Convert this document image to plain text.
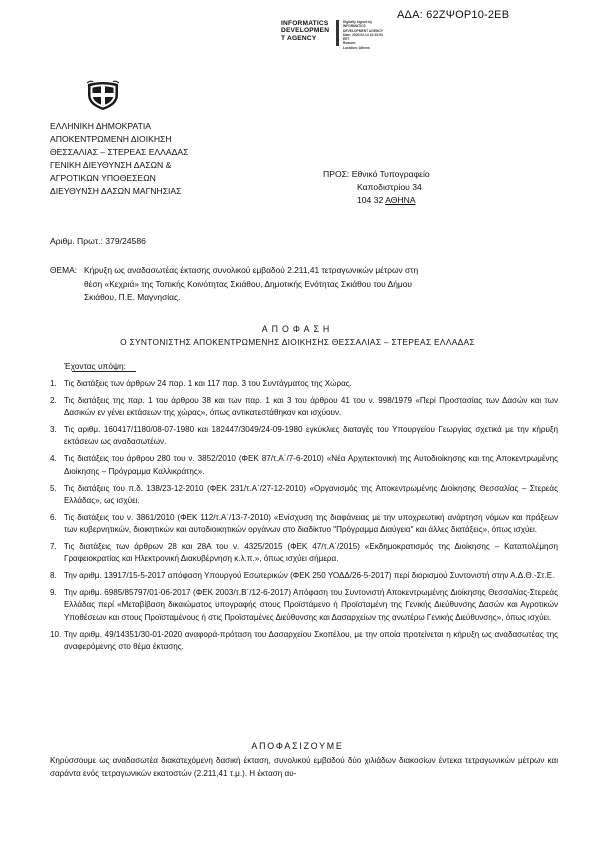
ΑΔΑ: 62ΖΨΟΡ10-2ΕΒ
INFORMATICS
DEVELOPMEN
T AGENCY
Digitally signed by
INFORMATICS
DEVELOPMENT AGENCY
Date: 2020.02.14 12:23:53
EET
Reason:
Location: Athens
ΕΛΛΗΝΙΚΗ ΔΗΜΟΚΡΑΤΙΑ
ΑΠΟΚΕΝΤΡΩΜΕΝΗ ΔΙΟΙΚΗΣΗ
ΘΕΣΣΑΛΙΑΣ – ΣΤΕΡΕΑΣ ΕΛΛΑΔΑΣ
ΓΕΝΙΚΗ ΔΙΕΥΘΥΝΣΗ ΔΑΣΩΝ &
ΑΓΡΟΤΙΚΩΝ ΥΠΟΘΕΣΕΩΝ
ΔΙΕΥΘΥΝΣΗ ΔΑΣΩΝ ΜΑΓΝΗΣΙΑΣ
ΠΡΟΣ: Εθνικό Τυπογραφείο
Καποδιστρίου 34
104 32 ΑΘΗΝΑ
Αριθμ. Πρωτ.: 379/24586
ΘΕΜΑ: Κήρυξη ως αναδασωτέας έκτασης συνολικού εμβαδού 2.211,41 τετραγωνικών μέτρων στη
θέση «Κεχριά» της Τοπικής Κοινότητας Σκιάθου, Δημοτικής Ενότητας Σκιάθου του Δήμου
Σκιάθου, Π.Ε. Μαγνησίας.
ΑΠΟΦΑΣΗ
Ο ΣΥΝΤΟΝΙΣΤΗΣ ΑΠΟΚΕΝΤΡΩΜΕΝΗΣ ΔΙΟΙΚΗΣΗΣ ΘΕΣΣΑΛΙΑΣ – ΣΤΕΡΕΑΣ ΕΛΛΑΔΑΣ
Έχοντας υπόψη:
1. Τις διατάξεις των άρθρων 24 παρ. 1 και 117 παρ. 3 του Συντάγματος της Χώρας.
2. Τις διατάξεις της παρ. 1 του άρθρου 38 και των παρ. 1 και 3 του άρθρου 41 του ν. 998/1979 «Περί Προστασίας των Δασών και των Δασικών εν γένει εκτάσεων της χώρας», όπως αντικατεστάθηκαν και ισχύουν.
3. Τις αριθμ. 160417/1180/08-07-1980 και 182447/3049/24-09-1980 εγκύκλιες διαταγές του Υπουργείου Γεωργίας σχετικά με την κήρυξη εκτάσεων ως αναδασωτέων.
4. Τις διατάξεις του άρθρου 280 του ν. 3852/2010 (ΦΕΚ 87/τ.Α΄/7-6-2010) «Νέα Αρχιτεκτονική της Αυτοδιοίκησης και της Αποκεντρωμένης Διοίκησης – Πρόγραμμα Καλλικράτης».
5. Τις διατάξεις του π.δ. 138/23-12-2010 (ΦΕΚ 231/τ.Α΄/27-12-2010) «Οργανισμός της Αποκεντρωμένης Διοίκησης Θεσσαλίας – Στερεάς Ελλάδας», ως ισχύει.
6. Τις διατάξεις του ν. 3861/2010 (ΦΕΚ 112/τ.Α΄/13-7-2010) «Ενίσχυση της διαφάνειας με την υποχρεωτική ανάρτηση νόμων και πράξεων των κυβερνητικών, διοικητικών και αυτοδιοικητικών οργάνων στο διαδίκτυο "Πρόγραμμα Διαύγεια" και άλλες διατάξεις», όπως ισχύει.
7. Τις διατάξεις των άρθρων 28 και 28Α του ν. 4325/2015 (ΦΕΚ 47/τ.Α΄/2015) «Εκδημοκρατισμός της Διοίκησης – Καταπολέμηση Γραφειοκρατίας και Ηλεκτρονική Διακυβέρνηση κ.λ.π.», όπως ισχύει σήμερα.
8. Την αριθμ. 13917/15-5-2017 απόφαση Υπουργού Εσωτερικών (ΦΕΚ 250 ΥΟΔΔ/26-5-2017) περί διορισμού Συντονιστή στην Α.Δ.Θ.-Στ.Ε.
9. Την αριθμ. 6985/85797/01-06-2017 (ΦΕΚ 2003/τ.Β΄/12-6-2017) Απόφαση του Συντονιστή Αποκεντρωμένης Διοίκησης Θεσσαλίας-Στερεάς Ελλάδας περί «Μεταβίβαση δικαιώματος υπογραφής στους Προϊστάμενο ή Προϊσταμένη της Γενικής Διεύθυνσης Δασών και Αγροτικών Υποθέσεων και στους Προϊσταμένους ή στις Προϊσταμένες Διεύθυνσης και Δασαρχείων της ανωτέρω Γενικής Διεύθυνσης», όπως ισχύει.
10. Την αριθμ. 49/14351/30-01-2020 αναφορά-πρόταση του Δασαρχείου Σκοπέλου, με την οποία προτείνεται η κήρυξη ως αναδασωτέας της αναφερόμενης στο θέμα έκτασης.
ΑΠΟΦΑΣΙΖΟΥΜΕ
Κηρύσσουμε ως αναδασωτέα διακατεχόμενη δασική έκταση, συνολικού εμβαδού δύο χιλιάδων διακοσίων έντεκα τετραγωνικών μέτρων και σαράντα ενός τετραγωνικών εκατοστών (2.211,41 τ.μ.). Η έκταση αυ-
